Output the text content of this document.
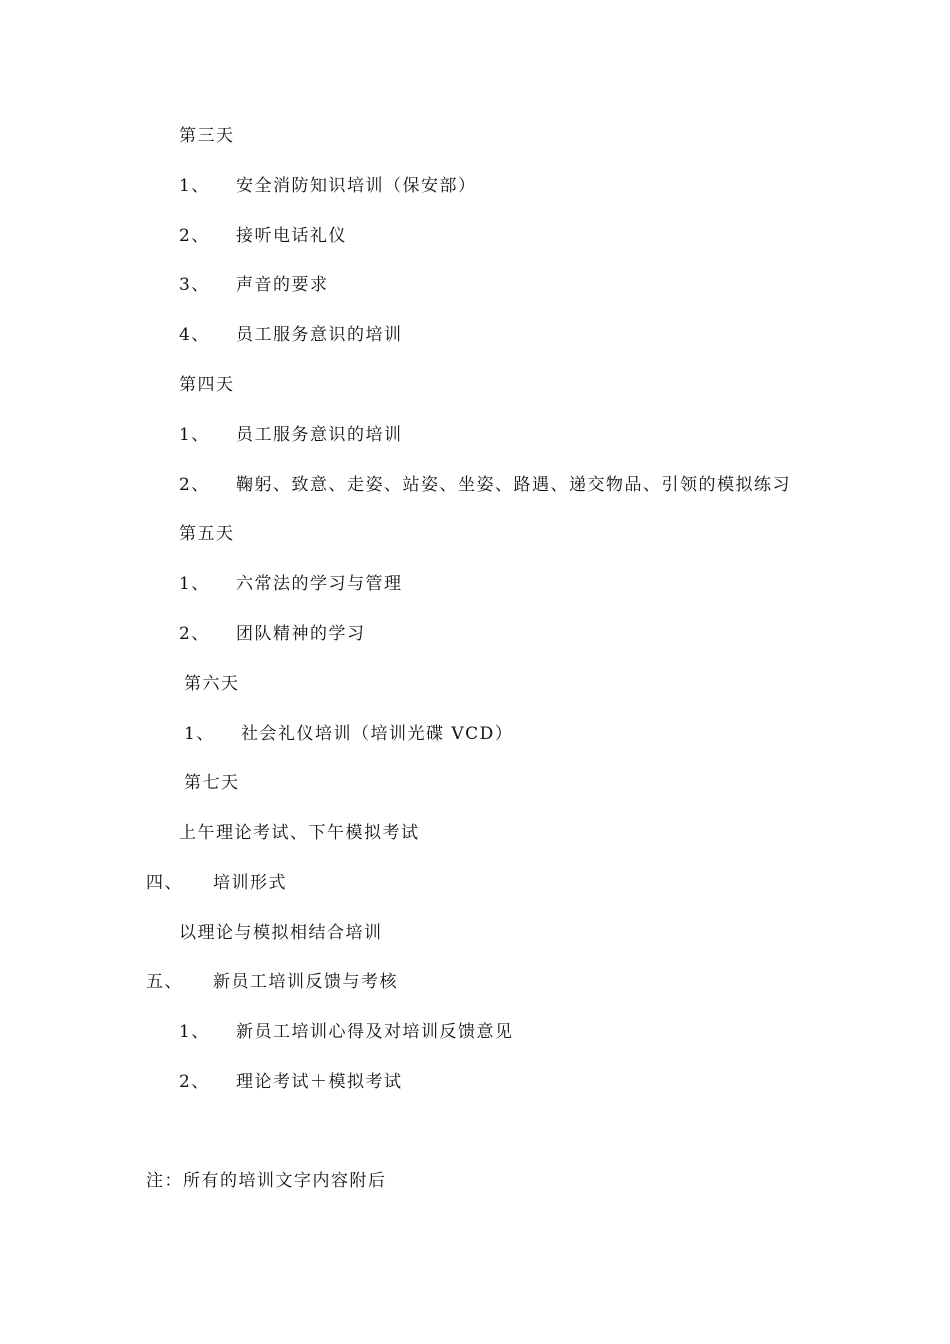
第三天
1、 安全消防知识培训（保安部）
2、 接听电话礼仪
3、 声音的要求
4、 员工服务意识的培训
第四天
1、 员工服务意识的培训
2、 鞠躬、致意、走姿、站姿、坐姿、路遇、递交物品、引领的模拟练习
第五天
1、 六常法的学习与管理
2、 团队精神的学习
第六天
1、 社会礼仪培训（培训光碟 VCD）
第七天
上午理论考试、下午模拟考试
四、 培训形式
以理论与模拟相结合培训
五、 新员工培训反馈与考核
1、 新员工培训心得及对培训反馈意见
2、 理论考试＋模拟考试
注：所有的培训文字内容附后
